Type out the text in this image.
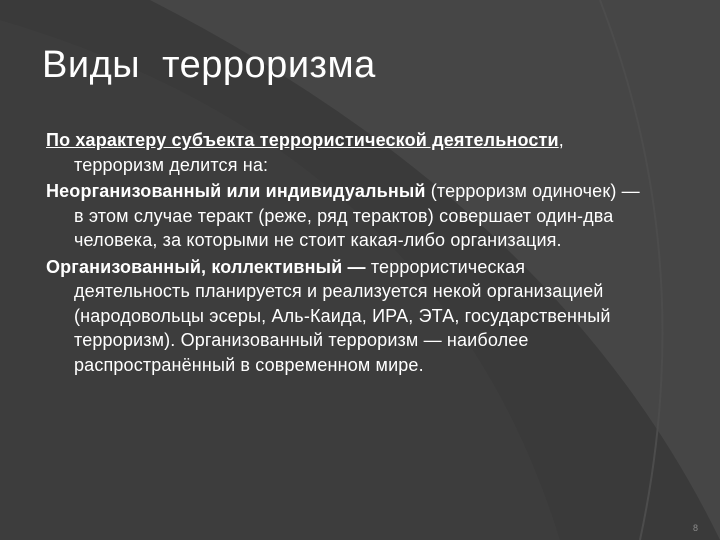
Виды  терроризма

По характеру субъекта террористической деятельности, терроризм делится на:

Неорганизованный или индивидуальный (терроризм одиночек) — в этом случае теракт (реже, ряд терактов) совершает один-два человека, за которыми не стоит какая-либо организация.

Организованный, коллективный — террористическая деятельность планируется и реализуется некой организацией (народовольцы эсеры, Аль-Каида, ИРА, ЭТА, государственный терроризм). Организованный терроризм — наиболее распространённый в современном мире.

8
